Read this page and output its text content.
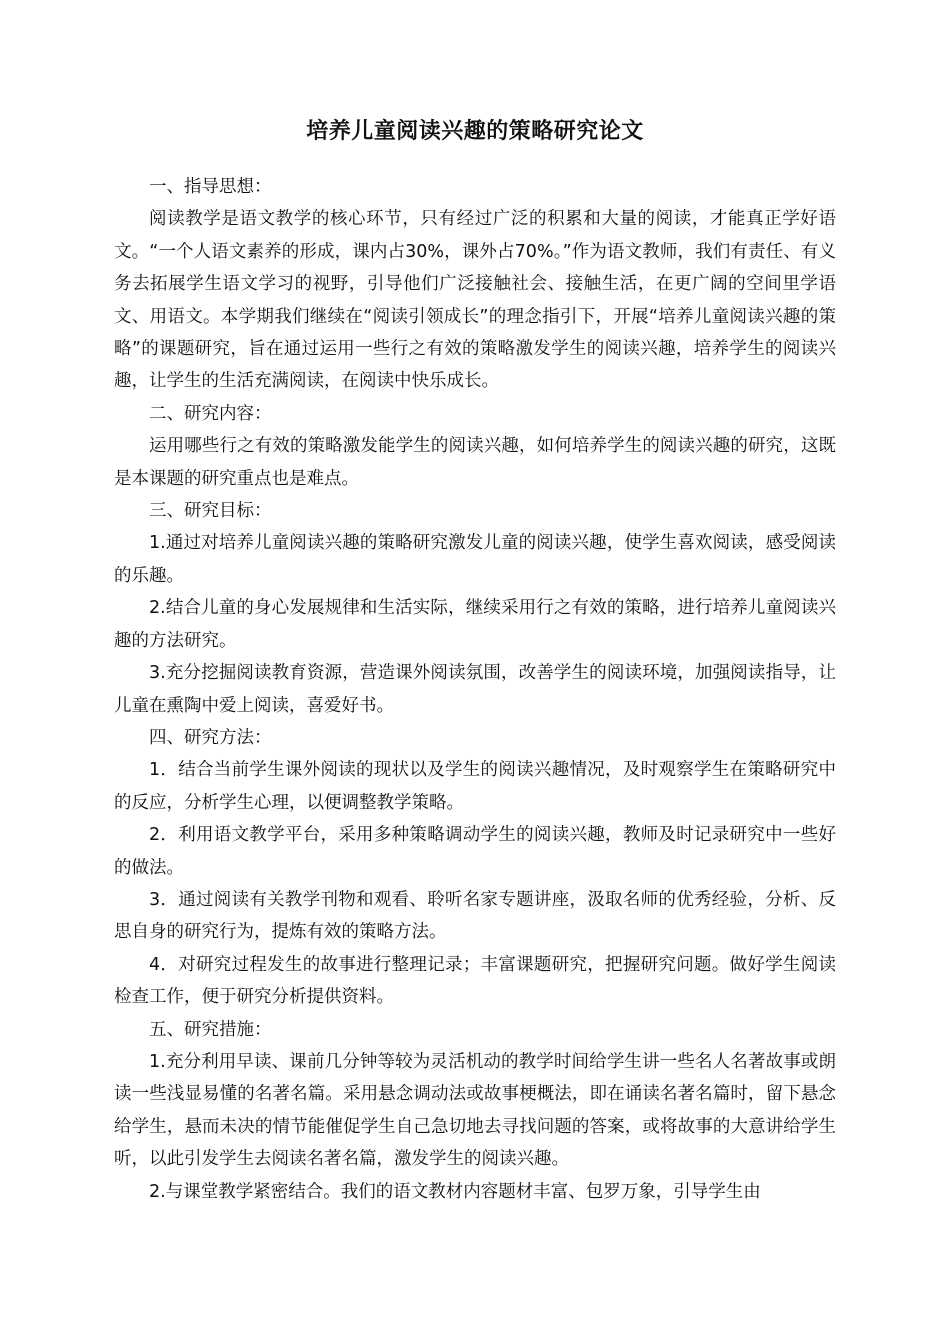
培养儿童阅读兴趣的策略研究论文

一、指导思想：

阅读教学是语文教学的核心环节，只有经过广泛的积累和大量的阅读，才能真正学好语文。“一个人语文素养的形成，课内占30%，课外占70%。”作为语文教师，我们有责任、有义务去拓展学生语文学习的视野，引导他们广泛接触社会、接触生活，在更广阔的空间里学语文、用语文。本学期我们继续在“阅读引领成长”的理念指引下，开展“培养儿童阅读兴趣的策略”的课题研究，旨在通过运用一些行之有效的策略激发学生的阅读兴趣，培养学生的阅读兴趣，让学生的生活充满阅读，在阅读中快乐成长。

二、研究内容：

运用哪些行之有效的策略激发能学生的阅读兴趣，如何培养学生的阅读兴趣的研究，这既是本课题的研究重点也是难点。

三、研究目标：

1.通过对培养儿童阅读兴趣的策略研究激发儿童的阅读兴趣，使学生喜欢阅读，感受阅读的乐趣。

2.结合儿童的身心发展规律和生活实际，继续采用行之有效的策略，进行培养儿童阅读兴趣的方法研究。

3.充分挖掘阅读教育资源，营造课外阅读氛围，改善学生的阅读环境，加强阅读指导，让儿童在熏陶中爱上阅读，喜爱好书。

四、研究方法：

1．结合当前学生课外阅读的现状以及学生的阅读兴趣情况，及时观察学生在策略研究中的反应，分析学生心理，以便调整教学策略。

2．利用语文教学平台，采用多种策略调动学生的阅读兴趣，教师及时记录研究中一些好的做法。

3．通过阅读有关教学刊物和观看、聆听名家专题讲座，汲取名师的优秀经验，分析、反思自身的研究行为，提炼有效的策略方法。

4．对研究过程发生的故事进行整理记录；丰富课题研究，把握研究问题。做好学生阅读检查工作，便于研究分析提供资料。

五、研究措施：

1.充分利用早读、课前几分钟等较为灵活机动的教学时间给学生讲一些名人名著故事或朗读一些浅显易懂的名著名篇。采用悬念调动法或故事梗概法，即在诵读名著名篇时，留下悬念给学生，悬而未决的情节能催促学生自己急切地去寻找问题的答案，或将故事的大意讲给学生听，以此引发学生去阅读名著名篇，激发学生的阅读兴趣。

2.与课堂教学紧密结合。我们的语文教材内容题材丰富、包罗万象，引导学生由
